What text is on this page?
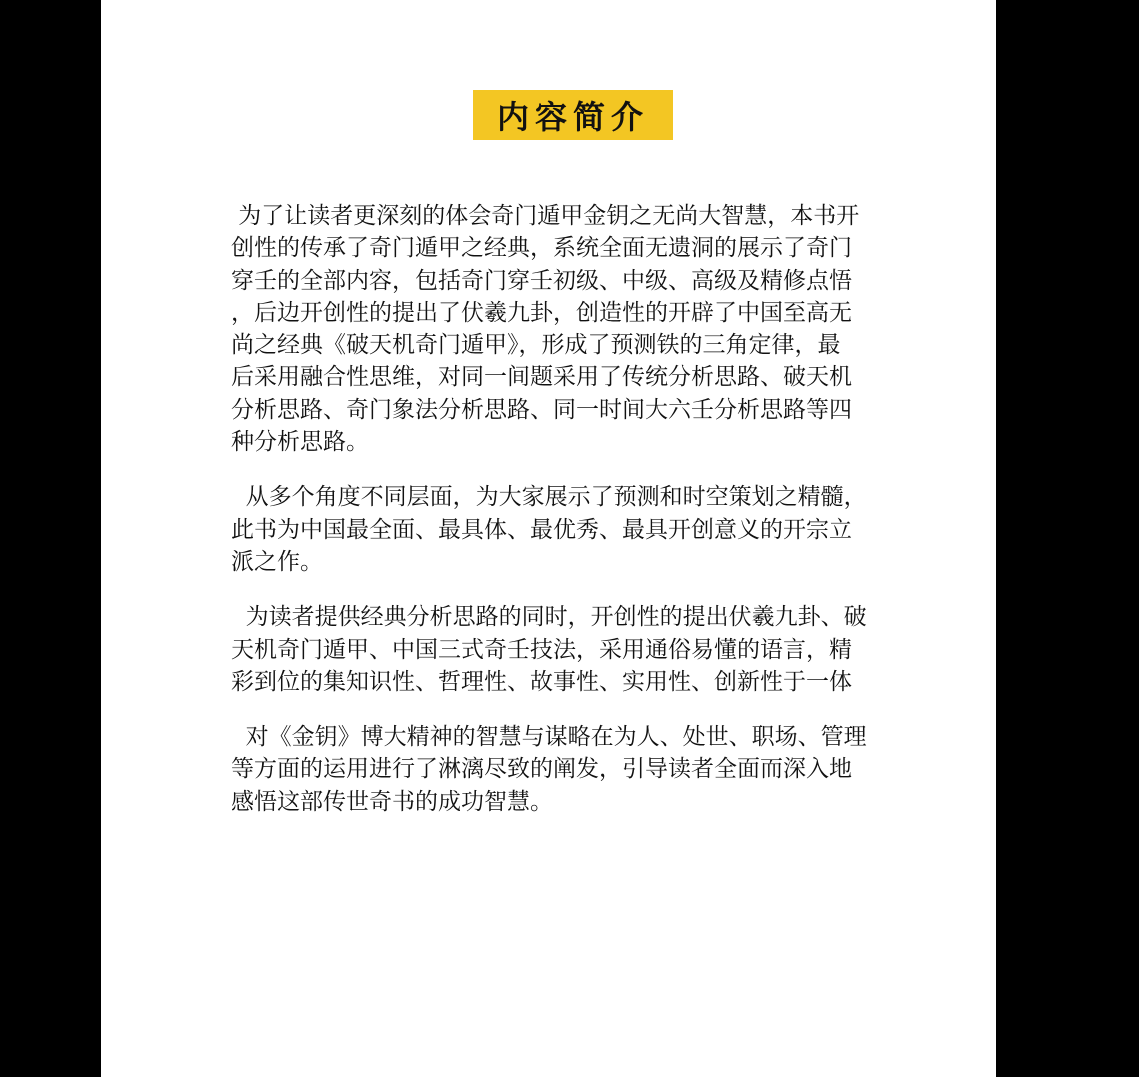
内容简介

为了让读者更深刻的体会奇门遁甲金钥之无尚大智慧，本书开
创性的传承了奇门遁甲之经典，系统全面无遗洞的展示了奇门
穿壬的全部内容，包括奇门穿壬初级、中级、高级及精修点悟
，后边开创性的提出了伏羲九卦，创造性的开辟了中国至高无
尚之经典《破天机奇门遁甲》，形成了预测铁的三角定律，最
后采用融合性思维，对同一间题采用了传统分析思路、破天机
分析思路、奇门象法分析思路、同一时间大六壬分析思路等四
种分析思路。

从多个角度不同层面，为大家展示了预测和时空策划之精髓，
此书为中国最全面、最具体、最优秀、最具开创意义的开宗立
派之作。

为读者提供经典分析思路的同时，开创性的提出伏羲九卦、破
天机奇门遁甲、中国三式奇壬技法，采用通俗易懂的语言，精
彩到位的集知识性、哲理性、故事性、实用性、创新性于一体

对《金钥》博大精神的智慧与谋略在为人、处世、职场、管理
等方面的运用进行了淋漓尽致的阐发，引导读者全面而深入地
感悟这部传世奇书的成功智慧。
